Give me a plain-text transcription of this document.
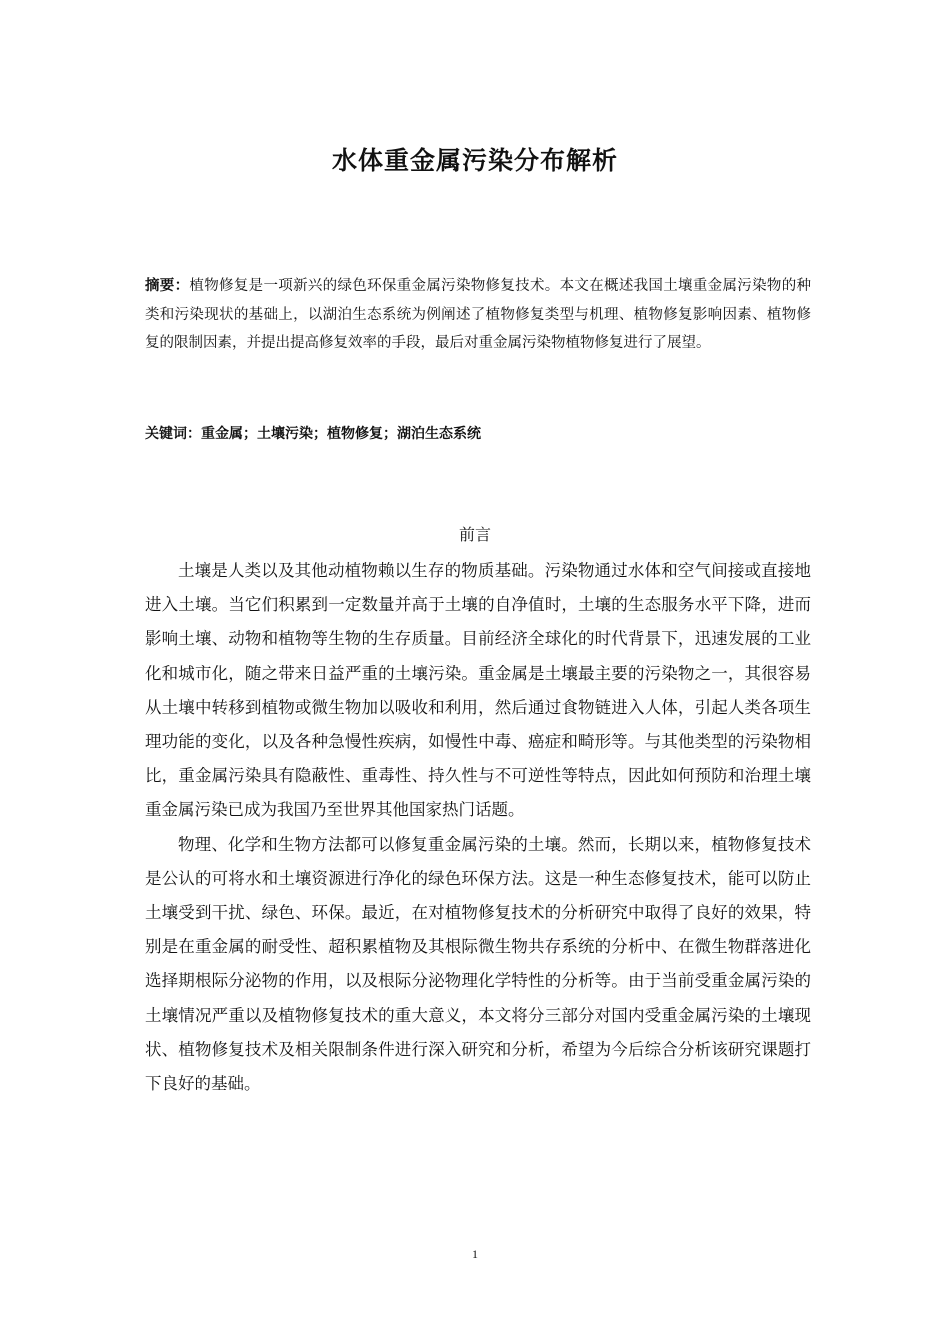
水体重金属污染分布解析
摘要：植物修复是一项新兴的绿色环保重金属污染物修复技术。本文在概述我国土壤重金属污染物的种类和污染现状的基础上，以湖泊生态系统为例阐述了植物修复类型与机理、植物修复影响因素、植物修复的限制因素，并提出提高修复效率的手段，最后对重金属污染物植物修复进行了展望。
关键词：重金属；土壤污染；植物修复；湖泊生态系统
前言

土壤是人类以及其他动植物赖以生存的物质基础。污染物通过水体和空气间接或直接地进入土壤。当它们积累到一定数量并高于土壤的自净值时，土壤的生态服务水平下降，进而影响土壤、动物和植物等生物的生存质量。目前经济全球化的时代背景下，迅速发展的工业化和城市化，随之带来日益严重的土壤污染。重金属是土壤最主要的污染物之一，其很容易从土壤中转移到植物或微生物加以吸收和利用，然后通过食物链进入人体，引起人类各项生理功能的变化，以及各种急慢性疾病，如慢性中毒、癌症和畸形等。与其他类型的污染物相比，重金属污染具有隐蔽性、重毒性、持久性与不可逆性等特点，因此如何预防和治理土壤重金属污染已成为我国乃至世界其他国家热门话题。

物理、化学和生物方法都可以修复重金属污染的土壤。然而，长期以来，植物修复技术是公认的可将水和土壤资源进行净化的绿色环保方法。这是一种生态修复技术，能可以防止土壤受到干扰、绿色、环保。最近，在对植物修复技术的分析研究中取得了良好的效果，特别是在重金属的耐受性、超积累植物及其根际微生物共存系统的分析中、在微生物群落进化选择期根际分泌物的作用，以及根际分泌物理化学特性的分析等。由于当前受重金属污染的土壤情况严重以及植物修复技术的重大意义，本文将分三部分对国内受重金属污染的土壤现状、植物修复技术及相关限制条件进行深入研究和分析，希望为今后综合分析该研究课题打下良好的基础。

1
